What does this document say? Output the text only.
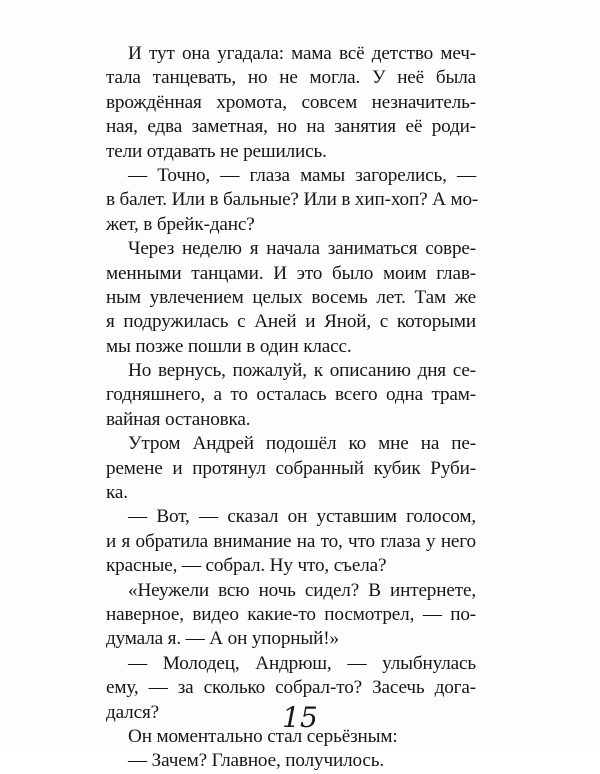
И тут она угадала: мама всё детство меч-
тала танцевать, но не могла. У неё была
врождённая хромота, совсем незначитель-
ная, едва заметная, но на занятия её роди-
тели отдавать не решились.
— Точно, — глаза мамы загорелись, —
в балет. Или в бальные? Или в хип-хоп? А мо-
жет, в брейк-данс?
Через неделю я начала заниматься совре-
менными танцами. И это было моим глав-
ным увлечением целых восемь лет. Там же
я подружилась с Аней и Яной, с которыми
мы позже пошли в один класс.
Но вернусь, пожалуй, к описанию дня се-
годняшнего, а то осталась всего одна трам-
вайная остановка.
Утром Андрей подошёл ко мне на пе-
ремене и протянул собранный кубик Руби-
ка.
— Вот, — сказал он уставшим голосом,
и я обратила внимание на то, что глаза у него
красные, — собрал. Ну что, съела?
«Неужели всю ночь сидел? В интернете,
наверное, видео какие-то посмотрел, — по-
думала я. — А он упорный!»
— Молодец, Андрюш, — улыбнулась
ему, — за сколько собрал-то? Засечь дога-
дался?
Он моментально стал серьёзным:
— Зачем? Главное, получилось.
15
